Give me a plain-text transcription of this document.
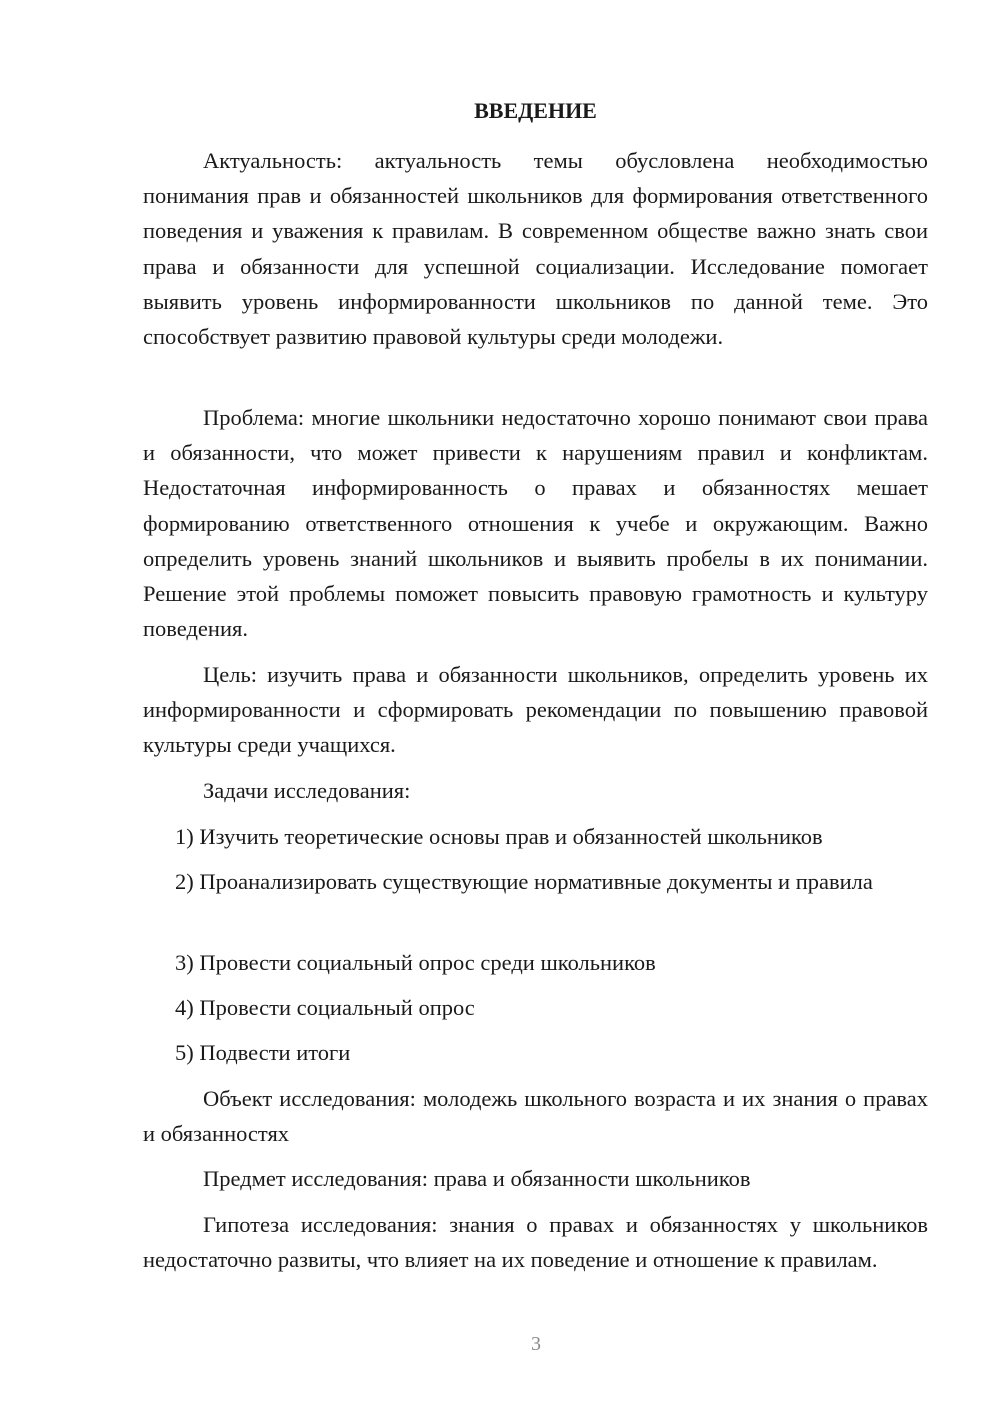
ВВЕДЕНИЕ

Актуальность: актуальность темы обусловлена необходимостью понимания прав и обязанностей школьников для формирования ответственного поведения и уважения к правилам. В современном обществе важно знать свои права и обязанности для успешной социализации. Исследование помогает выявить уровень информированности школьников по данной теме. Это способствует развитию правовой культуры среди молодежи.

Проблема: многие школьники недостаточно хорошо понимают свои права и обязанности, что может привести к нарушениям правил и конфликтам. Недостаточная информированность о правах и обязанностях мешает формированию ответственного отношения к учебе и окружающим. Важно определить уровень знаний школьников и выявить пробелы в их понимании. Решение этой проблемы поможет повысить правовую грамотность и культуру поведения.

Цель: изучить права и обязанности школьников, определить уровень их информированности и сформировать рекомендации по повышению правовой культуры среди учащихся.

Задачи исследования:

1) Изучить теоретические основы прав и обязанностей школьников

2) Проанализировать существующие нормативные документы и правила

3) Провести социальный опрос среди школьников

4) Провести социальный опрос

5) Подвести итоги

Объект исследования: молодежь школьного возраста и их знания о правах и обязанностях

Предмет исследования: права и обязанности школьников

Гипотеза исследования: знания о правах и обязанностях у школьников недостаточно развиты, что влияет на их поведение и отношение к правилам.

3
